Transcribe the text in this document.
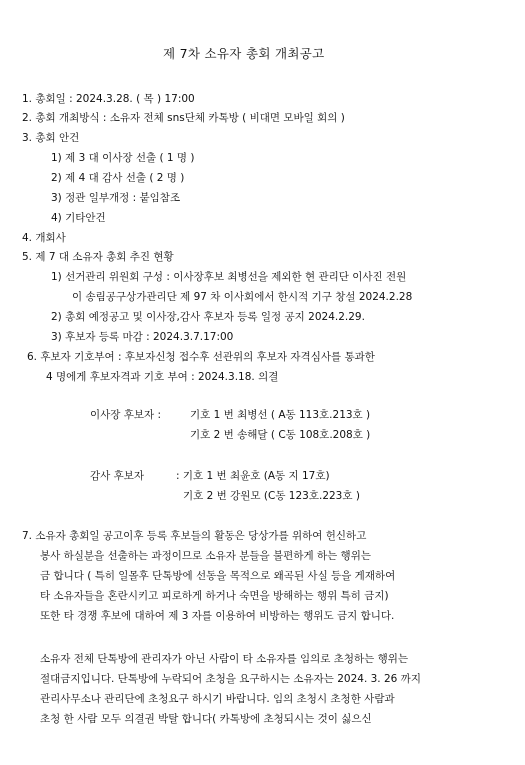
제 7차 소유자 총회 개최공고
1. 총회일 : 2024.3.28. ( 목 ) 17:00
2. 총회 개최방식 : 소유자 전체 sns단체 카톡방 ( 비대면 모바일 회의 )
3. 총회 안건
1) 제 3 대 이사장 선출 ( 1 명 )
2) 제 4 대 감사 선출 ( 2 명 )
3) 정관 일부개정 : 붙임참조
4) 기타안건
4. 개회사
5. 제 7 대 소유자 총회 추진 현황
1) 선거관리 위원회 구성 : 이사장후보 최병선을 제외한 현 관리단 이사진 전원
이 송림공구상가관리단 제 97 차 이사회에서 한시적 기구 창설 2024.2.28
2) 총회 예정공고 및 이사장,감사 후보자 등록 일정 공지 2024.2.29.
3) 후보자 등록 마감 : 2024.3.7.17:00
6. 후보자 기호부여 : 후보자신청 접수후 선관위의 후보자 자격심사를 통과한
4 명에게 후보자격과 기호 부여 : 2024.3.18. 의결
이사장 후보자 :	기호 1 번 최병선 ( A동 113호.213호 )
기호 2 번 송해달 ( C동 108호.208호 )
감사 후보자	: 기호 1 번 최윤호 (A동 지 17호)
기호 2 번 강원모 (C동 123호.223호 )
7. 소유자 총회일 공고이후 등록 후보들의 활동은 당상가를 위하여 헌신하고
봉사 하실분을 선출하는 과정이므로 소유자 분들을 불편하게 하는 행위는
금 합니다 ( 특히 일몰후 단톡방에 선동을 목적으로 왜곡된 사실 등을 게재하여
타 소유자들을 혼란시키고 피로하게 하거나 숙면을 방해하는 행위 특히 금지)
또한 타 경쟁 후보에 대하여 제 3 자를 이용하여 비방하는 행위도 금지 합니다.
소유자 전체 단톡방에 관리자가 아닌 사람이 타 소유자를 임의로 초청하는 행위는
절대금지입니다. 단톡방에 누락되어 초청을 요구하시는 소유자는 2024. 3. 26 까지
관리사무소나 관리단에 초청요구 하시기 바랍니다. 임의 초청시 초청한 사람과
초청 한 사람 모두 의결권 박탈 합니다( 카톡방에 초청되시는 것이 싫으신
